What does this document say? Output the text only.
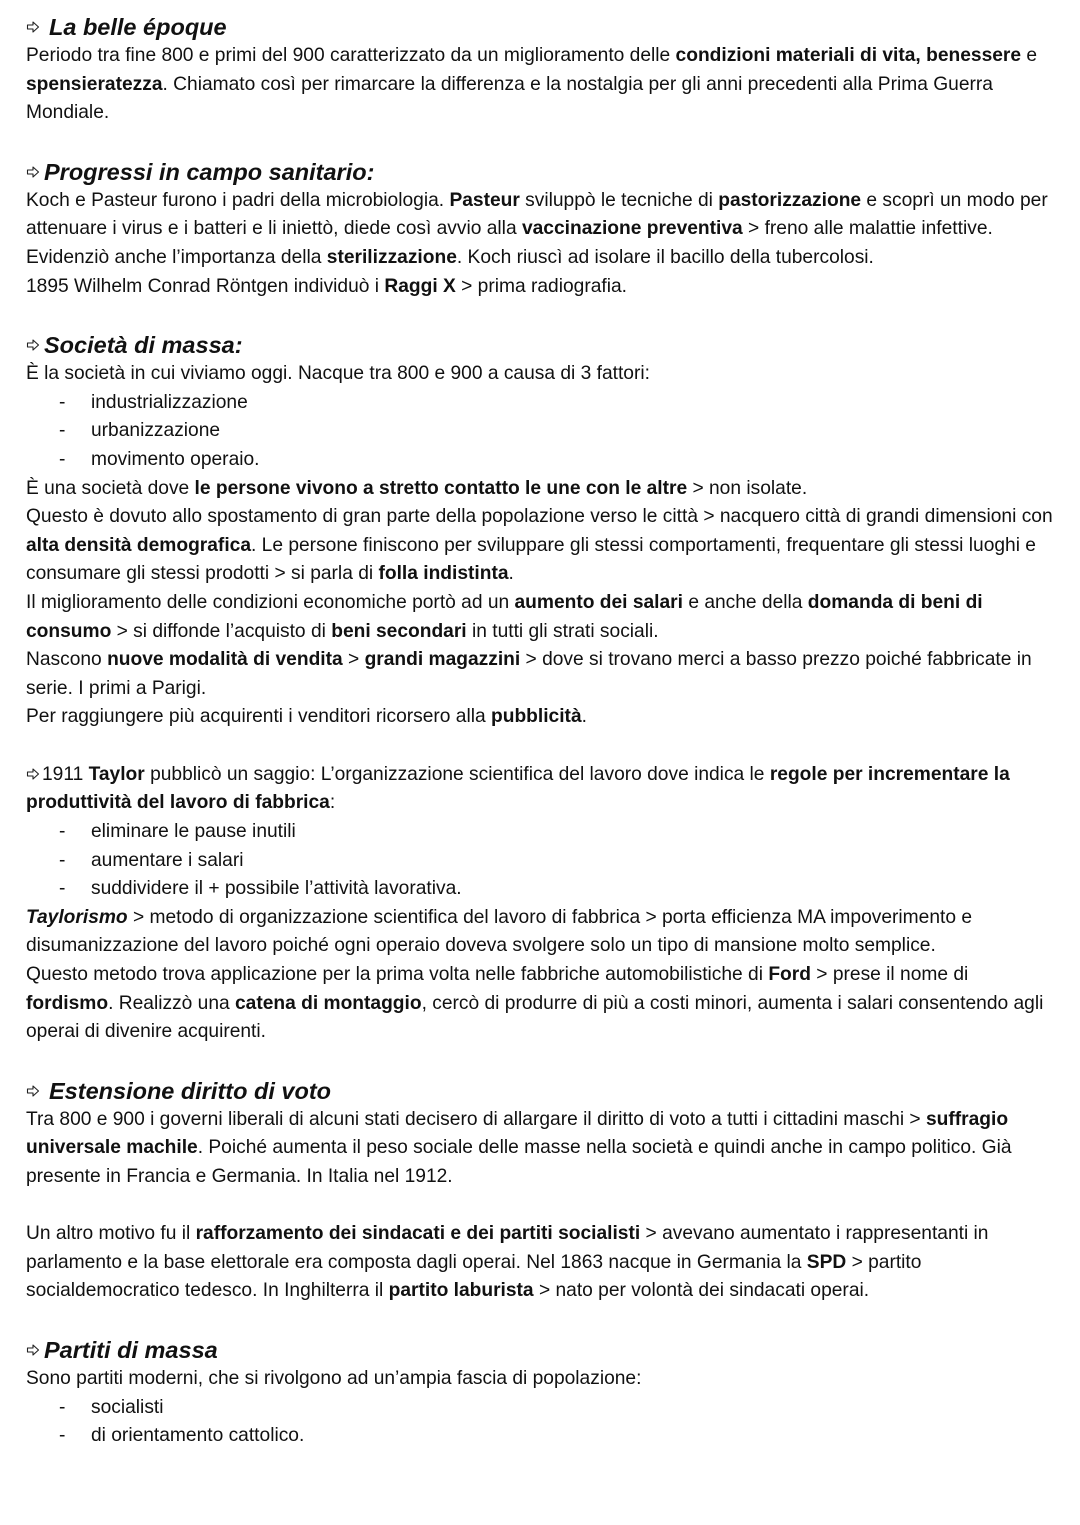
La belle époque

Periodo tra fine 800 e primi del 900 caratterizzato da un miglioramento delle condizioni materiali di vita, benessere e spensieratezza. Chiamato così per rimarcare la differenza e la nostalgia per gli anni precedenti alla Prima Guerra Mondiale.

Progressi in campo sanitario:

Koch e Pasteur furono i padri della microbiologia. Pasteur sviluppò le tecniche di pastorizzazione e scoprì un modo per attenuare i virus e i batteri e li iniettò, diede così avvio alla vaccinazione preventiva > freno alle malattie infettive. Evidenziò anche l’importanza della sterilizzazione. Koch riuscì ad isolare il bacillo della tubercolosi.

1895 Wilhelm Conrad Röntgen individuò i Raggi X > prima radiografia.

Società di massa:

È la società in cui viviamo oggi. Nacque tra 800 e 900 a causa di 3 fattori:

- industrializzazione
- urbanizzazione
- movimento operaio.

È una società dove le persone vivono a stretto contatto le une con le altre > non isolate.

Questo è dovuto allo spostamento di gran parte della popolazione verso le città > nacquero città di grandi dimensioni con alta densità demografica. Le persone finiscono per sviluppare gli stessi comportamenti, frequentare gli stessi luoghi e consumare gli stessi prodotti > si parla di folla indistinta.

Il miglioramento delle condizioni economiche portò ad un aumento dei salari e anche della domanda di beni di consumo > si diffonde l’acquisto di beni secondari in tutti gli strati sociali.

Nascono nuove modalità di vendita > grandi magazzini > dove si trovano merci a basso prezzo poiché fabbricate in serie. I primi a Parigi.

Per raggiungere più acquirenti i venditori ricorsero alla pubblicità.

1911 Taylor pubblicò un saggio: L’organizzazione scientifica del lavoro dove indica le regole per incrementare la produttività del lavoro di fabbrica:

- eliminare le pause inutili
- aumentare i salari
- suddividere il + possibile l’attività lavorativa.

Taylorismo > metodo di organizzazione scientifica del lavoro di fabbrica > porta efficienza MA impoverimento e disumanizzazione del lavoro poiché ogni operaio doveva svolgere solo un tipo di mansione molto semplice.

Questo metodo trova applicazione per la prima volta nelle fabbriche automobilistiche di Ford > prese il nome di fordismo. Realizzò una catena di montaggio, cercò di produrre di più a costi minori, aumenta i salari consentendo agli operai di divenire acquirenti.

Estensione diritto di voto

Tra 800 e 900 i governi liberali di alcuni stati decisero di allargare il diritto di voto a tutti i cittadini maschi > suffragio universale machile. Poiché aumenta il peso sociale delle masse nella società e quindi anche in campo politico. Già presente in Francia e Germania. In Italia nel 1912.

Un altro motivo fu il rafforzamento dei sindacati e dei partiti socialisti > avevano aumentato i rappresentanti in parlamento e la base elettorale era composta dagli operai. Nel 1863 nacque in Germania la SPD > partito socialdemocratico tedesco. In Inghilterra il partito laburista > nato per volontà dei sindacati operai.

Partiti di massa

Sono partiti moderni, che si rivolgono ad un’ampia fascia di popolazione:

- socialisti
- di orientamento cattolico.
